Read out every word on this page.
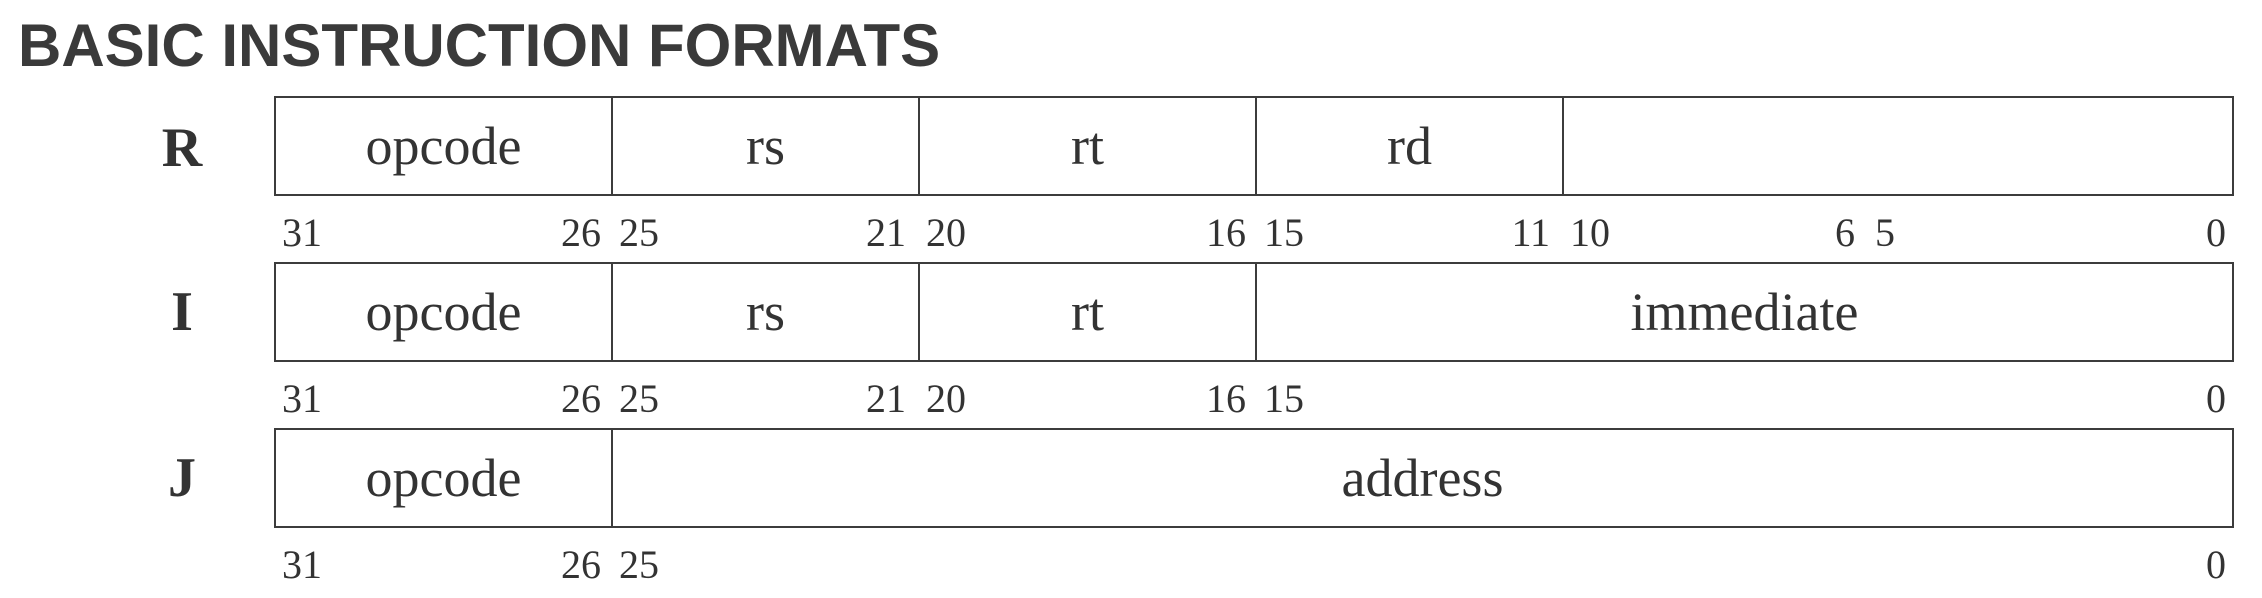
BASIC INSTRUCTION FORMATS
R	opcode	rs	rt	rd
31	26 25	21 20	16 15	11 10	6 5	0
I	opcode	rs	rt	immediate
31	26 25	21 20	16 15	0
J	opcode	address
31	26 25	0
